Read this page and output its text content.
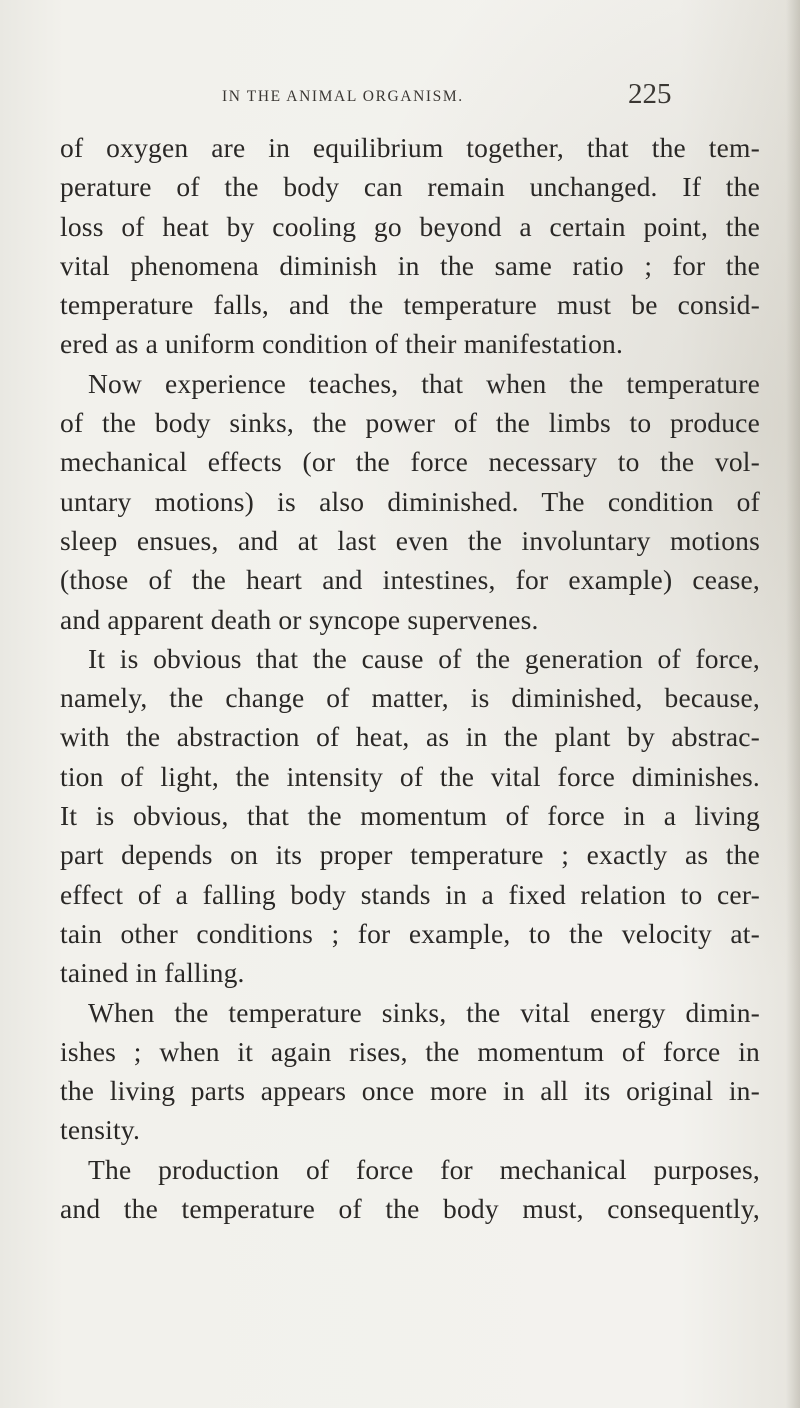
IN THE ANIMAL ORGANISM.	225
of oxygen are in equilibrium together, that the tem-
perature of the body can remain unchanged. If the
loss of heat by cooling go beyond a certain point, the
vital phenomena diminish in the same ratio ; for the
temperature falls, and the temperature must be consid-
ered as a uniform condition of their manifestation.
Now experience teaches, that when the temperature
of the body sinks, the power of the limbs to produce
mechanical effects (or the force necessary to the vol-
untary motions) is also diminished. The condition of
sleep ensues, and at last even the involuntary motions
(those of the heart and intestines, for example) cease,
and apparent death or syncope supervenes.
It is obvious that the cause of the generation of force,
namely, the change of matter, is diminished, because,
with the abstraction of heat, as in the plant by abstrac-
tion of light, the intensity of the vital force diminishes.
It is obvious, that the momentum of force in a living
part depends on its proper temperature ; exactly as the
effect of a falling body stands in a fixed relation to cer-
tain other conditions ; for example, to the velocity at-
tained in falling.
When the temperature sinks, the vital energy dimin-
ishes ; when it again rises, the momentum of force in
the living parts appears once more in all its original in-
tensity.
The production of force for mechanical purposes,
and the temperature of the body must, consequently,
